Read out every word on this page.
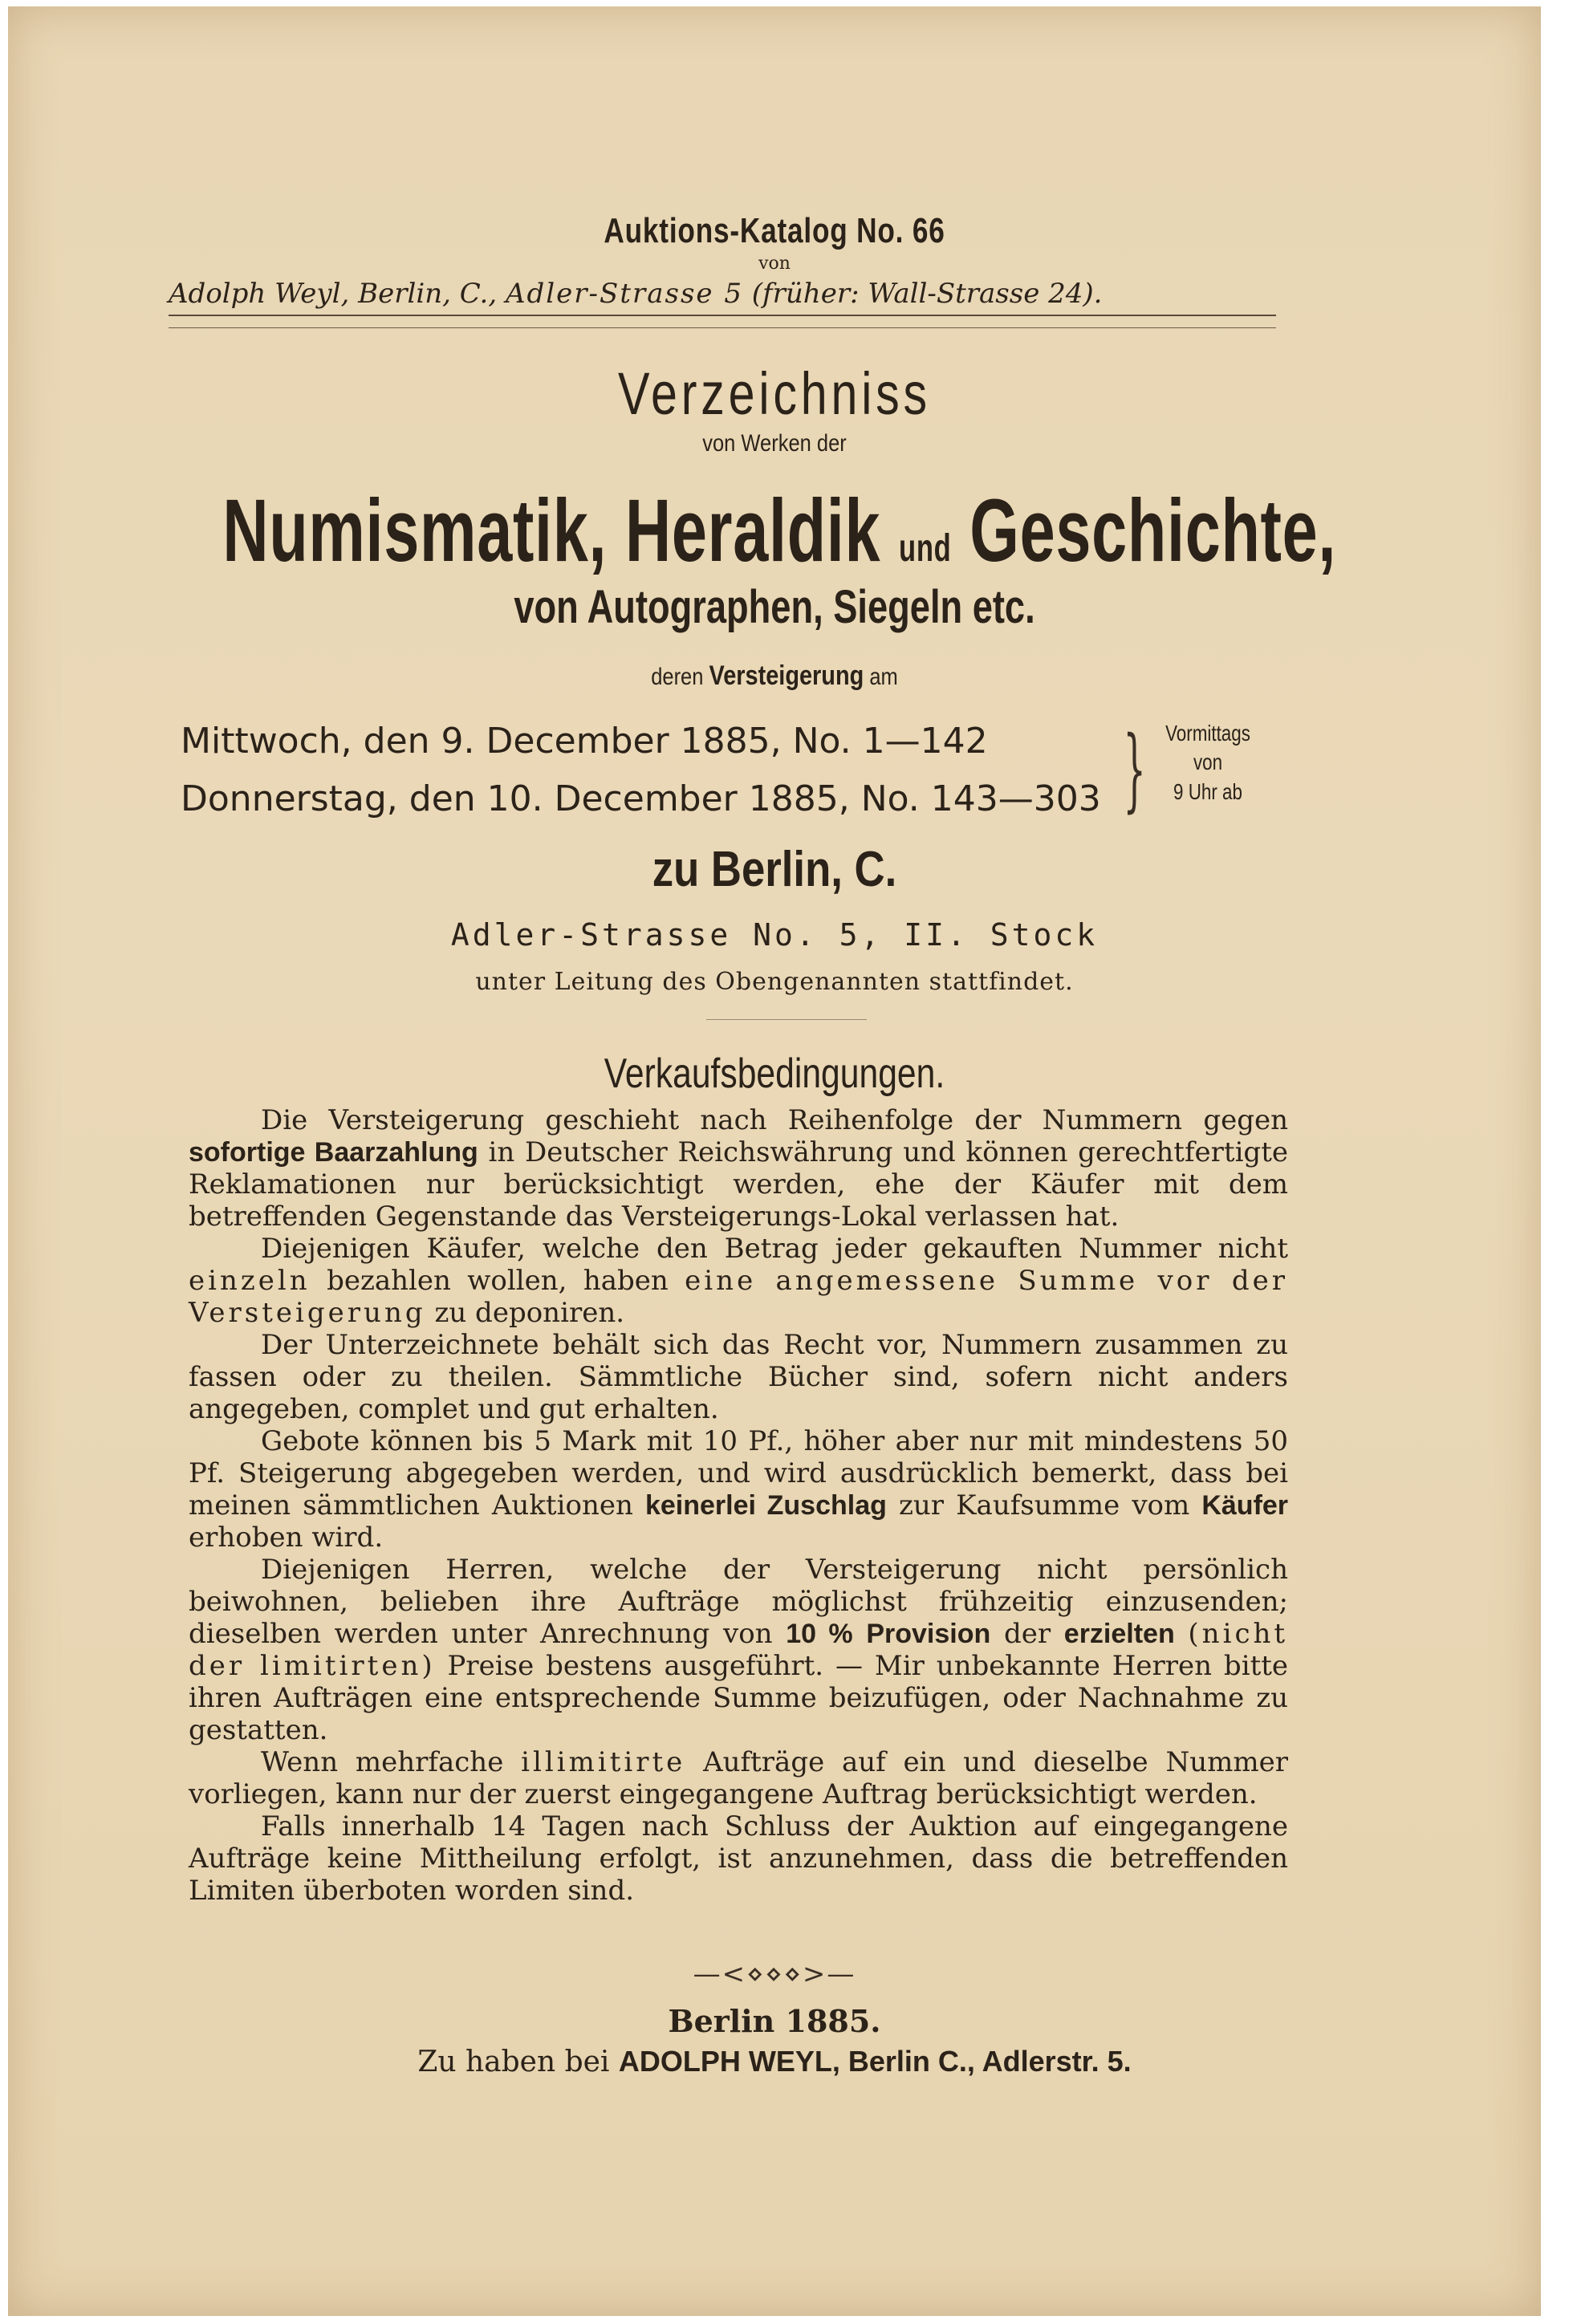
Auktions-Katalog No. 66
von
Adolph Weyl, Berlin, C., Adler-Strasse 5 (früher: Wall-Strasse 24).
Verzeichniss
von Werken der
Numismatik, Heraldik und Geschichte,
von Autographen, Siegeln etc.
deren Versteigerung am
Mittwoch, den 9. December 1885, No. 1—142
Donnerstag, den 10. December 1885, No. 143—303 } Vormittags
von
9 Uhr ab
zu Berlin, C.
Adler-Strasse No. 5, II. Stock
unter Leitung des Obengenannten stattfindet.
Verkaufsbedingungen.

Die Versteigerung geschieht nach Reihenfolge der Nummern gegen sofortige Baarzahlung in Deutscher Reichswährung und können gerechtfertigte Reklamationen nur berücksichtigt werden, ehe der Käufer mit dem betreffenden Gegenstande das Versteigerungs-Lokal verlassen hat.

Diejenigen Käufer, welche den Betrag jeder gekauften Nummer nicht einzeln bezahlen wollen, haben eine angemessene Summe vor der Versteigerung zu deponiren.

Der Unterzeichnete behält sich das Recht vor, Nummern zusammen zu fassen oder zu theilen. Sämmtliche Bücher sind, sofern nicht anders angegeben, complet und gut erhalten.

Gebote können bis 5 Mark mit 10 Pf., höher aber nur mit mindestens 50 Pf. Steigerung abgegeben werden, und wird ausdrücklich bemerkt, dass bei meinen sämmtlichen Auktionen keinerlei Zuschlag zur Kaufsumme vom Käufer erhoben wird.

Diejenigen Herren, welche der Versteigerung nicht persönlich beiwohnen, belieben ihre Aufträge möglichst frühzeitig einzusenden; dieselben werden unter Anrechnung von 10 % Provision der erzielten (nicht der limitirten) Preise bestens ausgeführt. — Mir unbekannte Herren bitte ihren Aufträgen eine entsprechende Summe beizufügen, oder Nachnahme zu gestatten.

Wenn mehrfache illimitirte Aufträge auf ein und dieselbe Nummer vorliegen, kann nur der zuerst eingegangene Auftrag berücksichtigt werden.

Falls innerhalb 14 Tagen nach Schluss der Auktion auf eingegangene Aufträge keine Mittheilung erfolgt, ist anzunehmen, dass die betreffenden Limiten überboten worden sind.

—<⋄⋄⋄>—
Berlin 1885.
Zu haben bei ADOLPH WEYL, Berlin C., Adlerstr. 5.
